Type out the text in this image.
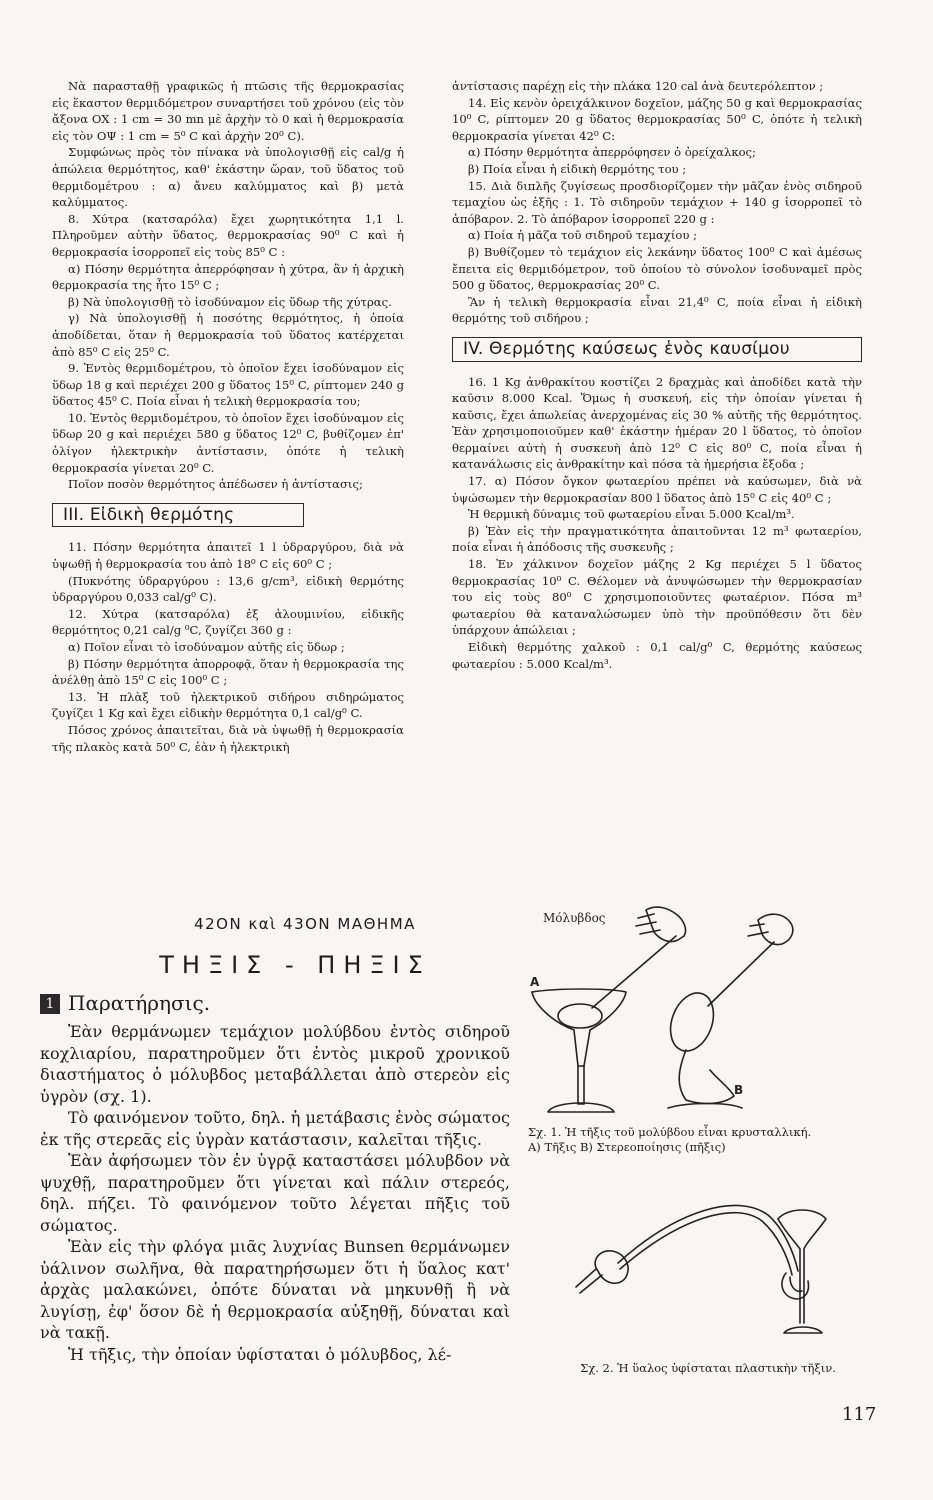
Νὰ παρασταθῇ γραφικῶς ἡ πτῶσις τῆς θερμοκρασίας εἰς ἕκαστον θερμιδόμετρον συναρτήσει τοῦ χρόνου (εἰς τὸν ἄξονα OX : 1 cm = 30 mn μὲ ἀρχὴν τὸ 0 καὶ ἡ θερμοκρασία εἰς τὸν OΨ : 1 cm = 5⁰ C καὶ ἀρχὴν 20⁰ C).

Συμφώνως πρὸς τὸν πίνακα νὰ ὑπολογισθῇ εἰς cal/g ἡ ἀπώλεια θερμότητος, καθ' ἑκάστην ὥραν, τοῦ ὕδατος τοῦ θερμιδομέτρου : α) ἄνευ καλύμματος καὶ β) μετὰ καλύμματος.

8. Χύτρα (κατσαρόλα) ἔχει χωρητικότητα 1,1 l. Πληροῦμεν αὐτὴν ὕδατος, θερμοκρασίας 90⁰ C καὶ ἡ θερμοκρασία ἰσορροπεῖ εἰς τοὺς 85⁰ C :

α) Πόσην θερμότητα ἀπερρόφησαν ἡ χύτρα, ἂν ἡ ἀρχικὴ θερμοκρασία της ἦτο 15⁰ C ;

β) Νὰ ὑπολογισθῇ τὸ ἰσοδύναμον εἰς ὕδωρ τῆς χύτρας.

γ) Νὰ ὑπολογισθῇ ἡ ποσότης θερμότητος, ἡ ὁποία ἀποδίδεται, ὅταν ἡ θερμοκρασία τοῦ ὕδατος κατέρχεται ἀπὸ 85⁰ C εἰς 25⁰ C.

9. Ἐντὸς θερμιδομέτρου, τὸ ὁποῖον ἔχει ἰσοδύναμον εἰς ὕδωρ 18 g καὶ περιέχει 200 g ὕδατος 15⁰ C, ρίπτομεν 240 g ὕδατος 45⁰ C. Ποία εἶναι ἡ τελικὴ θερμοκρασία του;

10. Ἐντὸς θερμιδομέτρου, τὸ ὁποῖον ἔχει ἰσοδύναμον εἰς ὕδωρ 20 g καὶ περιέχει 580 g ὕδατος 12⁰ C, βυθίζομεν ἐπ' ὀλίγον ἠλεκτρικὴν ἀντίστασιν, ὁπότε ἡ τελικὴ θερμοκρασία γίνεται 20⁰ C.

Ποῖον ποσὸν θερμότητος ἀπέδωσεν ἡ ἀντίστασις;

III. Εἰδικὴ θερμότης

11. Πόσην θερμότητα ἀπαιτεῖ 1 l ὑδραργύρου, διὰ νὰ ὑψωθῇ ἡ θερμοκρασία του ἀπὸ 18⁰ C εἰς 60⁰ C ;

(Πυκνότης ὑδραργύρου : 13,6 g/cm³, εἰδικὴ θερμότης ὑδραργύρου 0,033 cal/g⁰ C).

12. Χύτρα (κατσαρόλα) ἐξ ἀλουμινίου, εἰδικῆς θερμότητος 0,21 cal/g ⁰C, ζυγίζει 360 g :

α) Ποῖον εἶναι τὸ ἰσοδύναμον αὐτῆς εἰς ὕδωρ ;

β) Πόσην θερμότητα ἀπορροφᾷ, ὅταν ἡ θερμοκρασία της ἀνέλθῃ ἀπὸ 15⁰ C εἰς 100⁰ C ;

13. Ἡ πλὰξ τοῦ ἠλεκτρικοῦ σιδήρου σιδηρώματος ζυγίζει 1 Kg καὶ ἔχει εἰδικὴν θερμότητα 0,1 cal/g⁰ C.

Πόσος χρόνος ἀπαιτεῖται, διὰ νὰ ὑψωθῇ ἡ θερμοκρασία τῆς πλακὸς κατὰ 50⁰ C, ἐὰν ἡ ἠλεκτρικὴ

ἀντίστασις παρέχῃ εἰς τὴν πλάκα 120 cal ἀνὰ δευτερόλεπτον ;

14. Εἰς κενὸν ὀρειχάλκινον δοχεῖον, μάζης 50 g καὶ θερμοκρασίας 10⁰ C, ρίπτομεν 20 g ὕδατος θερμοκρασίας 50⁰ C, ὁπότε ἡ τελικὴ θερμοκρασία γίνεται 42⁰ C:

α) Πόσην θερμότητα ἀπερρόφησεν ὁ ὀρείχαλκος;

β) Ποία εἶναι ἡ εἰδικὴ θερμότης του ;

15. Διὰ διπλῆς ζυγίσεως προσδιορίζομεν τὴν μᾶζαν ἑνὸς σιδηροῦ τεμαχίου ὡς ἑξῆς : 1. Τὸ σιδηροῦν τεμάχιον + 140 g ἰσορροπεῖ τὸ ἀπόβαρον. 2. Τὸ ἀπόβαρον ἰσορροπεῖ 220 g :

α) Ποία ἡ μᾶζα τοῦ σιδηροῦ τεμαχίου ;

β) Βυθίζομεν τὸ τεμάχιον εἰς λεκάνην ὕδατος 100⁰ C καὶ ἀμέσως ἔπειτα εἰς θερμιδόμετρον, τοῦ ὁποίου τὸ σύνολον ἰσοδυναμεῖ πρὸς 500 g ὕδατος, θερμοκρασίας 20⁰ C.

Ἂν ἡ τελικὴ θερμοκρασία εἶναι 21,4⁰ C, ποία εἶναι ἡ εἰδικὴ θερμότης τοῦ σιδήρου ;

IV. Θερμότης καύσεως ἑνὸς καυσίμου

16. 1 Kg ἀνθρακίτου κοστίζει 2 δραχμὰς καὶ ἀποδίδει κατὰ τὴν καῦσιν 8.000 Kcal. Ὅμως ἡ συσκευή, εἰς τὴν ὁποίαν γίνεται ἡ καῦσις, ἔχει ἀπωλείας ἀνερχομένας εἰς 30 % αὐτῆς τῆς θερμότητος. Ἐὰν χρησιμοποιοῦμεν καθ' ἑκάστην ἡμέραν 20 l ὕδατος, τὸ ὁποῖον θερμαίνει αὐτὴ ἡ συσκευὴ ἀπὸ 12⁰ C εἰς 80⁰ C, ποία εἶναι ἡ κατανάλωσις εἰς ἀνθρακίτην καὶ πόσα τὰ ἡμερήσια ἔξοδα ;

17. α) Πόσον ὄγκον φωταερίου πρέπει νὰ καύσωμεν, διὰ νὰ ὑψώσωμεν τὴν θερμοκρασίαν 800 l ὕδατος ἀπὸ 15⁰ C εἰς 40⁰ C ;

Ἡ θερμικὴ δύναμις τοῦ φωταερίου εἶναι 5.000 Kcal/m³.

β) Ἐὰν εἰς τὴν πραγματικότητα ἀπαιτοῦνται 12 m³ φωταερίου, ποία εἶναι ἡ ἀπόδοσις τῆς συσκευῆς ;

18. Ἐν χάλκινον δοχεῖον μάζης 2 Kg περιέχει 5 l ὕδατος θερμοκρασίας 10⁰ C. Θέλομεν νὰ ἀνυψώσωμεν τὴν θερμοκρασίαν του εἰς τοὺς 80⁰ C χρησιμοποιοῦντες φωταέριον. Πόσα m³ φωταερίου θὰ καταναλώσωμεν ὑπὸ τὴν προϋπόθεσιν ὅτι δὲν ὑπάρχουν ἀπώλειαι ;

Εἰδικὴ θερμότης χαλκοῦ : 0,1 cal/g⁰ C, θερμότης καύσεως φωταερίου : 5.000 Kcal/m³.

42ΟΝ καὶ 43ΟΝ ΜΑΘΗΜΑ
ΤΗΞΙΣ - ΠΗΞΙΣ
1 Παρατήρησις.

Ἐὰν θερμάνωμεν τεμάχιον μολύβδου ἐντὸς σιδηροῦ κοχλιαρίου, παρατηροῦμεν ὅτι ἐντὸς μικροῦ χρονικοῦ διαστήματος ὁ μόλυβδος μεταβάλλεται ἀπὸ στερεὸν εἰς ὑγρὸν (σχ. 1).

Τὸ φαινόμενον τοῦτο, δηλ. ἡ μετάβασις ἑνὸς σώματος ἐκ τῆς στερεᾶς εἰς ὑγρὰν κατάστασιν, καλεῖται τῆξις.

Ἐὰν ἀφήσωμεν τὸν ἐν ὑγρᾷ καταστάσει μόλυβδον νὰ ψυχθῇ, παρατηροῦμεν ὅτι γίνεται καὶ πάλιν στερεός, δηλ. πήζει. Τὸ φαινόμενον τοῦτο λέγεται πῆξις τοῦ σώματος.

Ἐὰν εἰς τὴν φλόγα μιᾶς λυχνίας Bunsen θερμάνωμεν ὑάλινον σωλῆνα, θὰ παρατηρήσωμεν ὅτι ἡ ὕαλος κατ' ἀρχὰς μαλακώνει, ὁπότε δύναται νὰ μηκυνθῇ ἢ νὰ λυγίσῃ, ἐφ' ὅσον δὲ ἡ θερμοκρασία αὐξηθῇ, δύναται καὶ νὰ τακῇ.

Ἡ τῆξις, τὴν ὁποίαν ὑφίσταται ὁ μόλυβδος, λέ-

Μόλυβδος
A
B

Σχ. 1. Ἡ τῆξις τοῦ μολύβδου εἶναι κρυσταλλική.

A) Τῆξις B) Στερεοποίησις (πῆξις)

Σχ. 2. Ἡ ὕαλος ὑφίσταται πλαστικὴν τῆξιν.

117
